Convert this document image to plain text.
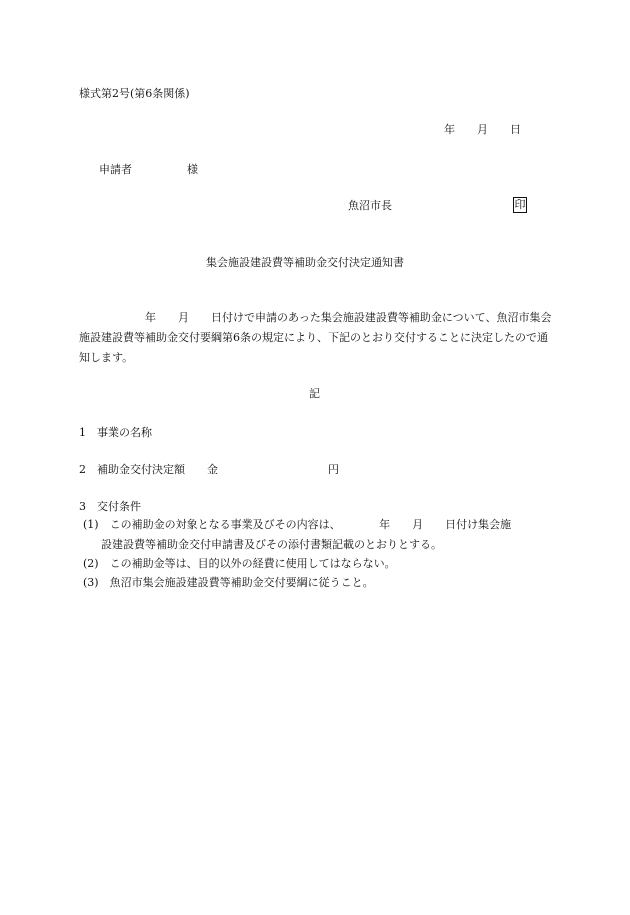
様式第2号(第6条関係)
年　　月　　日
申請者　　　　　様
魚沼市長	印
集会施設建設費等補助金交付決定通知書
　　　　　　年　　月　　日付けで申請のあった集会施設建設費等補助金について、魚沼市集会施設建設費等補助金交付要綱第6条の規定により、下記のとおり交付することに決定したので通知します。
記
1　事業の名称
2　補助金交付決定額　　金　　　　　　　　　　円
3　交付条件
(1)　この補助金の対象となる事業及びその内容は、　　　　年　　月　　日付け集会施
設建設費等補助金交付申請書及びその添付書類記載のとおりとする。
(2)　この補助金等は、目的以外の経費に使用してはならない。
(3)　魚沼市集会施設建設費等補助金交付要綱に従うこと。
